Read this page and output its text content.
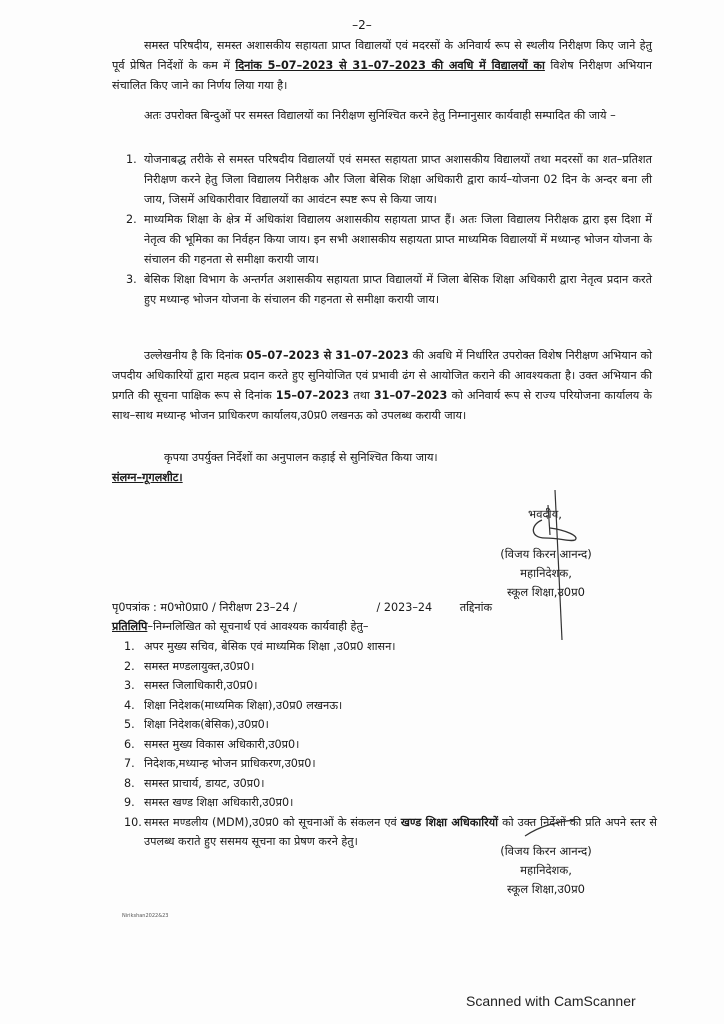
–2–
समस्त परिषदीय, समस्त अशासकीय सहायता प्राप्त विद्यालयों एवं मदरसों के अनिवार्य रूप से स्थलीय निरीक्षण किए जाने हेतु पूर्व प्रेषित निर्देशों के कम में दिनांक 5–07–2023 से 31–07–2023 की अवधि में विद्यालयों का विशेष निरीक्षण अभियान संचालित किए जाने का निर्णय लिया गया है।
अतः उपरोक्त बिन्दुओं पर समस्त विद्यालयों का निरीक्षण सुनिश्चित करने हेतु निम्नानुसार कार्यवाही सम्पादित की जाये –
1. योजनाबद्ध तरीके से समस्त परिषदीय विद्यालयों एवं समस्त सहायता प्राप्त अशासकीय विद्यालयों तथा मदरसों का शत–प्रतिशत निरीक्षण करने हेतु जिला विद्यालय निरीक्षक और जिला बेसिक शिक्षा अधिकारी द्वारा कार्य–योजना 02 दिन के अन्दर बना ली जाय, जिसमें अधिकारीवार विद्यालयों का आवंटन स्पष्ट रूप से किया जाय।
2. माध्यमिक शिक्षा के क्षेत्र में अधिकांश विद्यालय अशासकीय सहायता प्राप्त हैं। अतः जिला विद्यालय निरीक्षक द्वारा इस दिशा में नेतृत्व की भूमिका का निर्वहन किया जाय। इन सभी अशासकीय सहायता प्राप्त माध्यमिक विद्यालयों में मध्यान्ह भोजन योजना के संचालन की गहनता से समीक्षा करायी जाय।
3. बेसिक शिक्षा विभाग के अन्तर्गत अशासकीय सहायता प्राप्त विद्यालयों में जिला बेसिक शिक्षा अधिकारी द्वारा नेतृत्व प्रदान करते हुए मध्यान्ह भोजन योजना के संचालन की गहनता से समीक्षा करायी जाय।
उल्लेखनीय है कि दिनांक 05–07–2023 से 31–07–2023 की अवधि में निर्धारित उपरोक्त विशेष निरीक्षण अभियान को जपदीय अधिकारियों द्वारा महत्व प्रदान करते हुए सुनियोजित एवं प्रभावी ढंग से आयोजित कराने की आवश्यकता है। उक्त अभियान की प्रगति की सूचना पाक्षिक रूप से दिनांक 15–07–2023 तथा 31–07–2023 को अनिवार्य रूप से राज्य परियोजना कार्यालय के साथ–साथ मध्यान्ह भोजन प्राधिकरण कार्यालय,उ0प्र0 लखनऊ को उपलब्ध करायी जाय।
कृपया उपर्युक्त निर्देशों का अनुपालन कड़ाई से सुनिश्चित किया जाय।
संलग्न–गूगलशीट।
भवदीय,
(विजय किरन आनन्द)
महानिदेशक,
स्कूल शिक्षा,उ0प्र0
पृ0पत्रांक : म0भो0प्रा0 / निरीक्षण 23–24 /	/ 2023–24 तद्दिनांक
प्रतिलिपि–निम्नलिखित को सूचनार्थ एवं आवश्यक कार्यवाही हेतु–
1. अपर मुख्य सचिव, बेसिक एवं माध्यमिक शिक्षा ,उ0प्र0 शासन।
2. समस्त मण्डलायुक्त,उ0प्र0।
3. समस्त जिलाधिकारी,उ0प्र0।
4. शिक्षा निदेशक(माध्यमिक शिक्षा),उ0प्र0 लखनऊ।
5. शिक्षा निदेशक(बेसिक),उ0प्र0।
6. समस्त मुख्य विकास अधिकारी,उ0प्र0।
7. निदेशक,मध्यान्ह भोजन प्राधिकरण,उ0प्र0।
8. समस्त प्राचार्य, डायट, उ0प्र0।
9. समस्त खण्ड शिक्षा अधिकारी,उ0प्र0।
10. समस्त मण्डलीय (MDM),उ0प्र0 को सूचनाओं के संकलन एवं खण्ड शिक्षा अधिकारियों को उक्त निर्देशों की प्रति अपने स्तर से उपलब्ध कराते हुए ससमय सूचना का प्रेषण करने हेतु।
(विजय किरन आनन्द)
महानिदेशक,
स्कूल शिक्षा,उ0प्र0
Nirikshan2022&23
Scanned with CamScanner
